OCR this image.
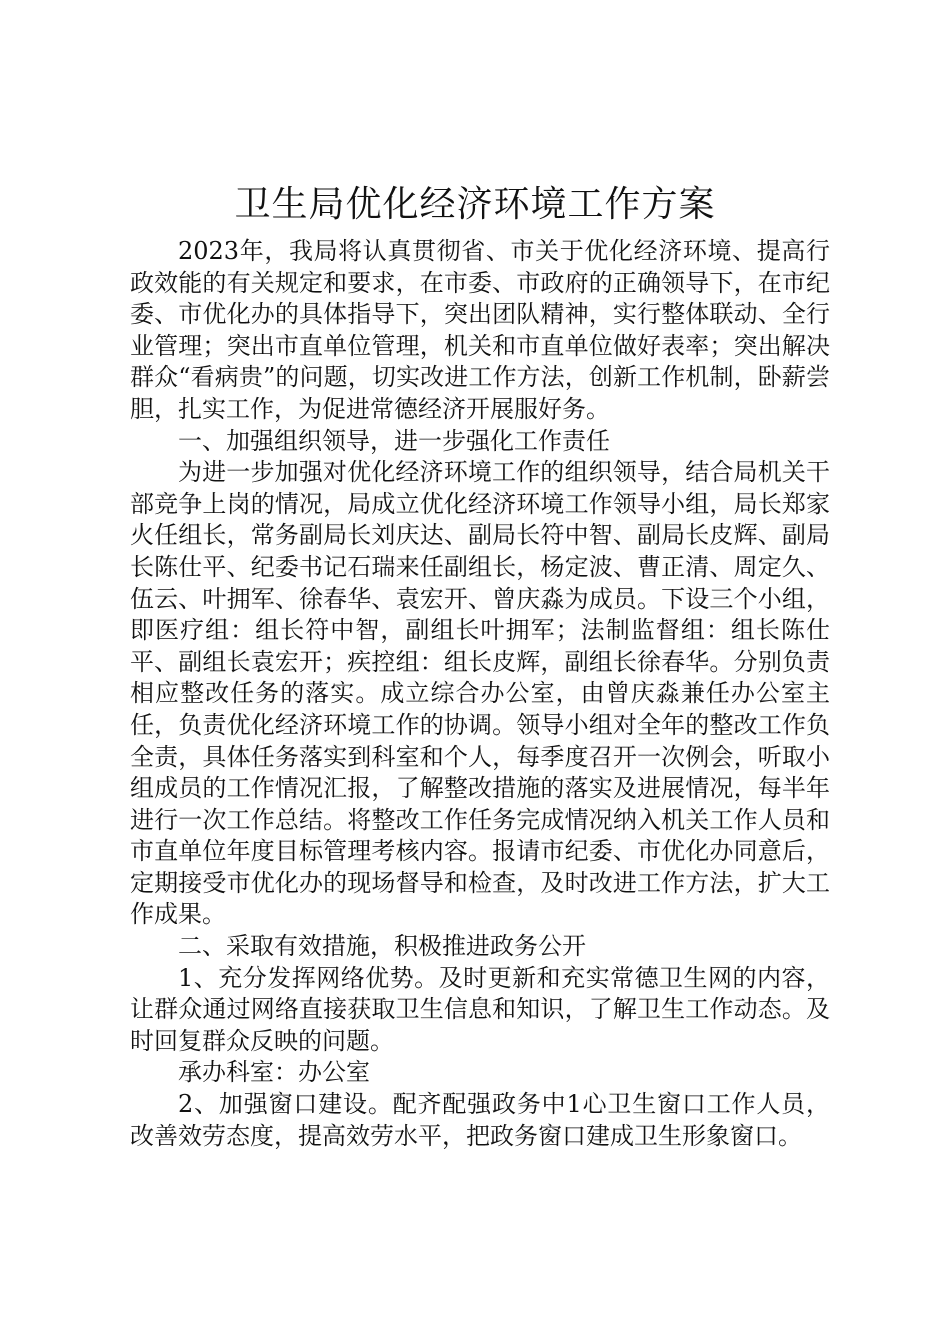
卫生局优化经济环境工作方案

2023年，我局将认真贯彻省、市关于优化经济环境、提高行政效能的有关规定和要求，在市委、市政府的正确领导下，在市纪委、市优化办的具体指导下，突出团队精神，实行整体联动、全行业管理；突出市直单位管理，机关和市直单位做好表率；突出解决群众“看病贵”的问题，切实改进工作方法，创新工作机制，卧薪尝胆，扎实工作，为促进常德经济开展服好务。

一、加强组织领导，进一步强化工作责任

为进一步加强对优化经济环境工作的组织领导，结合局机关干部竞争上岗的情况，局成立优化经济环境工作领导小组，局长郑家火任组长，常务副局长刘庆达、副局长符中智、副局长皮辉、副局长陈仕平、纪委书记石瑞来任副组长，杨定波、曹正清、周定久、伍云、叶拥军、徐春华、袁宏开、曾庆淼为成员。下设三个小组，即医疗组：组长符中智，副组长叶拥军；法制监督组：组长陈仕平、副组长袁宏开；疾控组：组长皮辉，副组长徐春华。分别负责相应整改任务的落实。成立综合办公室，由曾庆淼兼任办公室主任，负责优化经济环境工作的协调。领导小组对全年的整改工作负全责，具体任务落实到科室和个人，每季度召开一次例会，听取小组成员的工作情况汇报，了解整改措施的落实及进展情况，每半年进行一次工作总结。将整改工作任务完成情况纳入机关工作人员和市直单位年度目标管理考核内容。报请市纪委、市优化办同意后，定期接受市优化办的现场督导和检查，及时改进工作方法，扩大工作成果。

二、采取有效措施，积极推进政务公开

1、充分发挥网络优势。及时更新和充实常德卫生网的内容，让群众通过网络直接获取卫生信息和知识，了解卫生工作动态。及时回复群众反映的问题。

承办科室：办公室

2、加强窗口建设。配齐配强政务中1心卫生窗口工作人员，改善效劳态度，提高效劳水平，把政务窗口建成卫生形象窗口。
